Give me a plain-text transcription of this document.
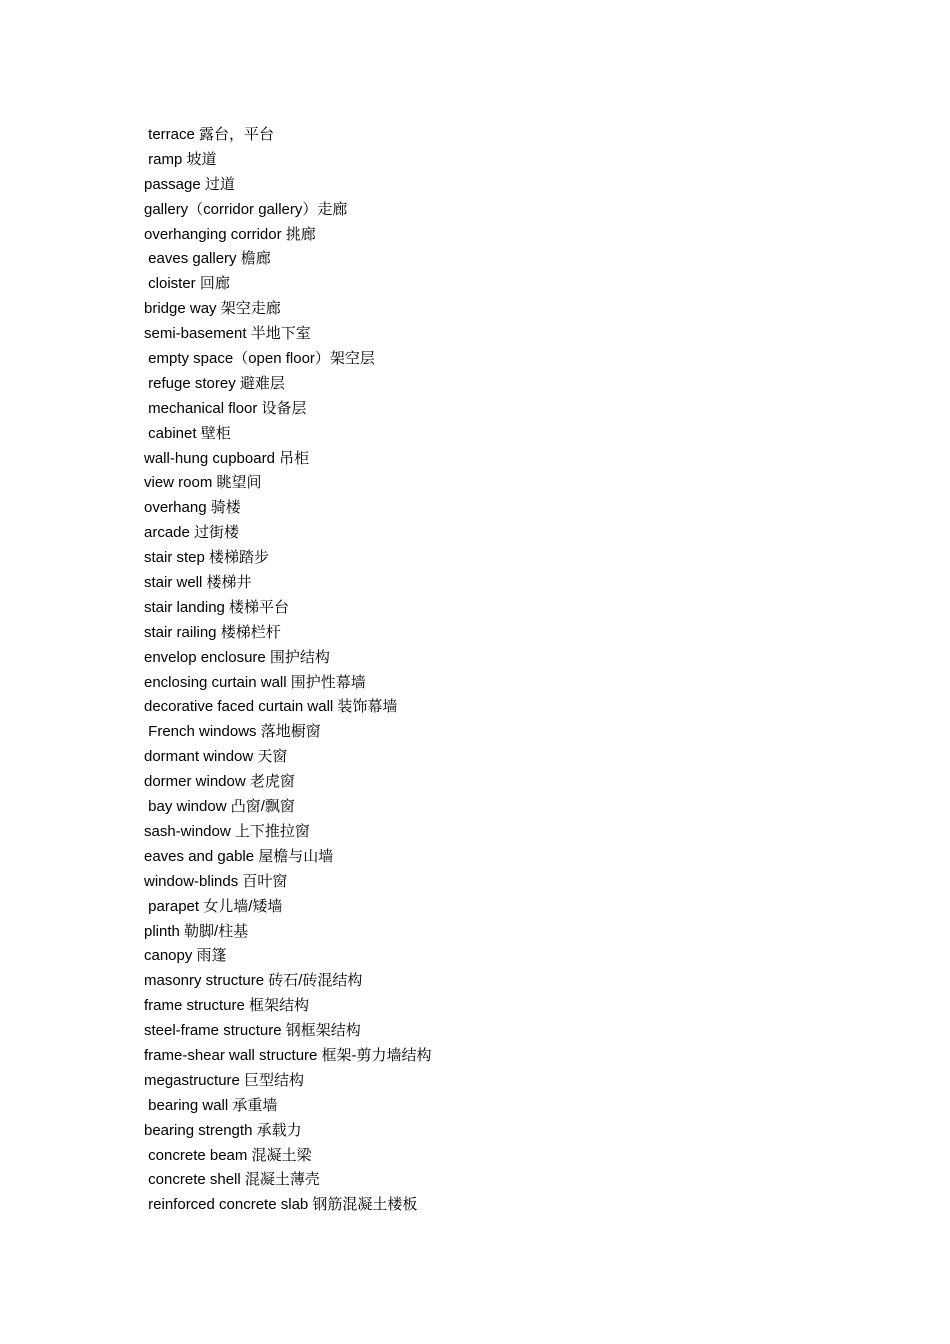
terrace 露台，平台
ramp 坡道
passage 过道
gallery（corridor gallery）走廊
overhanging corridor 挑廊
eaves gallery 檐廊
cloister 回廊
bridge way 架空走廊
semi-basement 半地下室
empty space（open floor）架空层
refuge storey 避难层
mechanical floor 设备层
cabinet 壁柜
wall-hung cupboard 吊柜
view room 眺望间
overhang 骑楼
arcade 过街楼
stair step 楼梯踏步
stair well 楼梯井
stair landing 楼梯平台
stair railing 楼梯栏杆
envelop enclosure 围护结构
enclosing curtain wall 围护性幕墙
decorative faced curtain wall 装饰幕墙
French windows 落地橱窗
dormant window 天窗
dormer window 老虎窗
bay window 凸窗/飘窗
sash-window 上下推拉窗
eaves and gable 屋檐与山墙
window-blinds 百叶窗
parapet 女儿墙/矮墙
plinth 勒脚/柱基
canopy 雨篷
masonry structure 砖石/砖混结构
frame structure 框架结构
steel-frame structure 钢框架结构
frame-shear wall structure 框架-剪力墙结构
megastructure 巨型结构
bearing wall 承重墙
bearing strength 承载力
concrete beam 混凝土梁
concrete shell 混凝土薄壳
reinforced concrete slab 钢筋混凝土楼板
